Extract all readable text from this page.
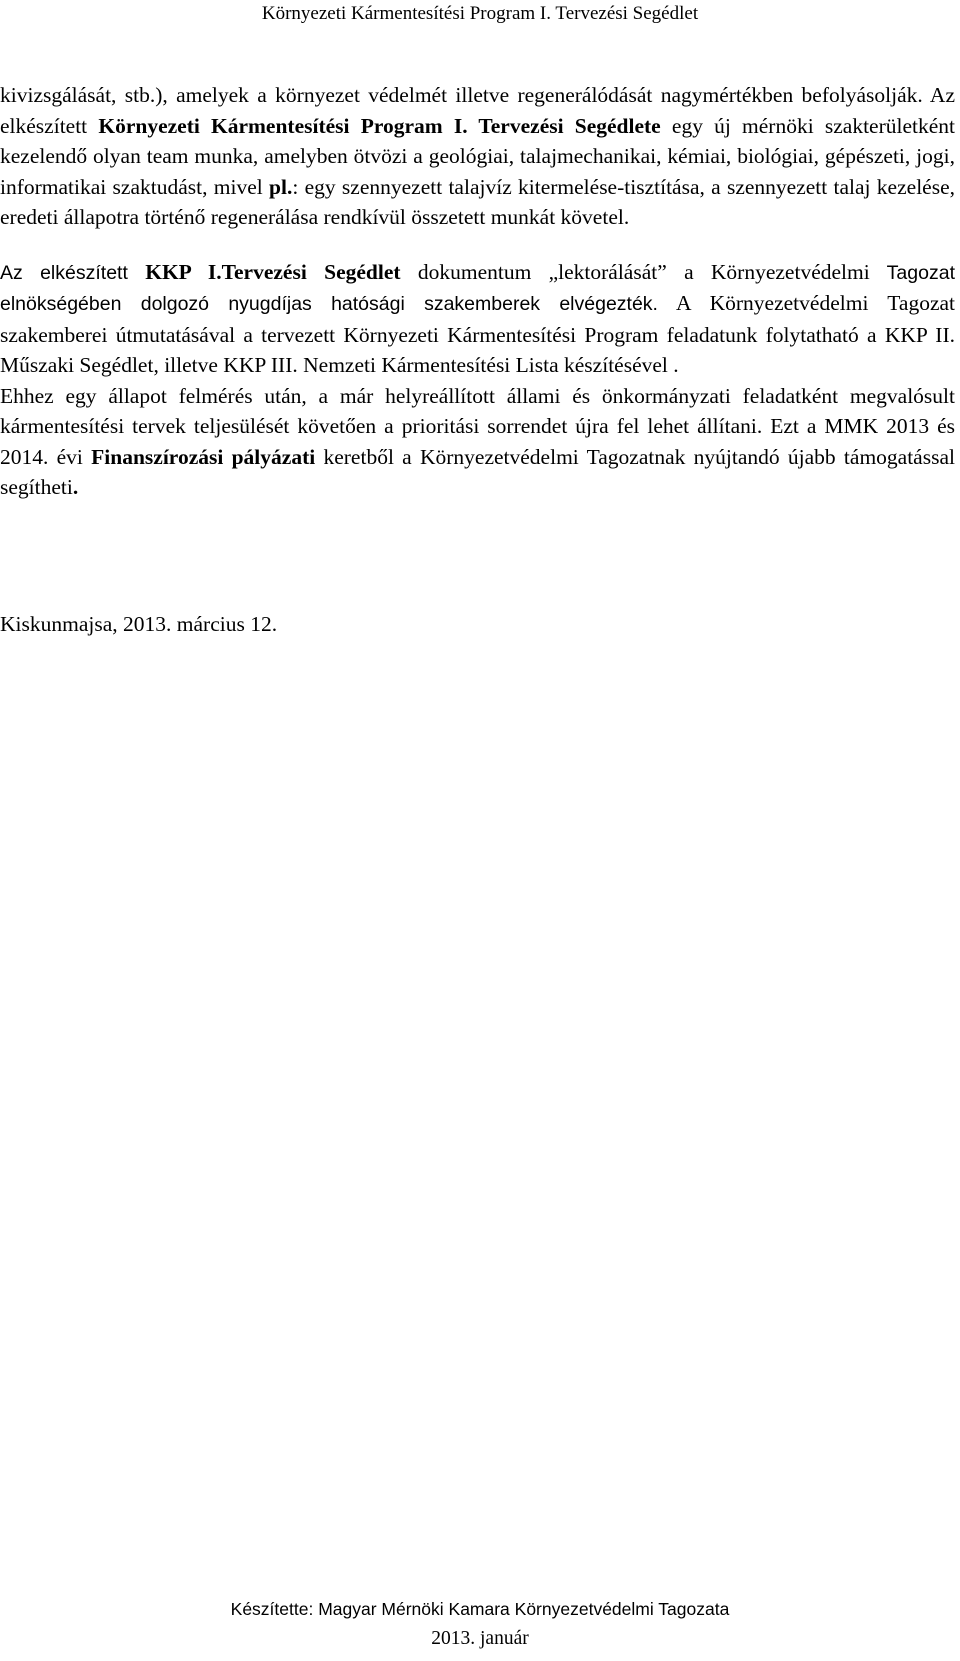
Környezeti Kármentesítési Program I. Tervezési Segédlet

kivizsgálását, stb.), amelyek a környezet védelmét illetve regenerálódását nagymértékben befolyásolják. Az elkészített Környezeti Kármentesítési Program I. Tervezési Segédlete egy új mérnöki szakterületként kezelendő olyan team munka, amelyben ötvözi a geológiai, talajmechanikai, kémiai, biológiai, gépészeti, jogi, informatikai szaktudást, mivel pl.: egy szennyezett talajvíz kitermelése-tisztítása, a szennyezett talaj kezelése, eredeti állapotra történő regenerálása rendkívül összetett munkát követel.

Az elkészített KKP I.Tervezési Segédlet dokumentum „lektorálását” a Környezetvédelmi Tagozat elnökségében dolgozó nyugdíjas hatósági szakemberek elvégezték. A Környezetvédelmi Tagozat szakemberei útmutatásával a tervezett Környezeti Kármentesítési Program feladatunk folytatható a KKP II. Műszaki Segédlet, illetve KKP III. Nemzeti Kármentesítési Lista készítésével .

Ehhez egy állapot felmérés után, a már helyreállított állami és önkormányzati feladatként megvalósult kármentesítési tervek teljesülését követően a prioritási sorrendet újra fel lehet állítani. Ezt a MMK 2013 és 2014. évi Finanszírozási pályázati keretből a Környezetvédelmi Tagozatnak nyújtandó újabb támogatással segítheti.

Kiskunmajsa, 2013. március 12.
Készítette: Magyar Mérnöki Kamara Környezetvédelmi Tagozata
2013. január
